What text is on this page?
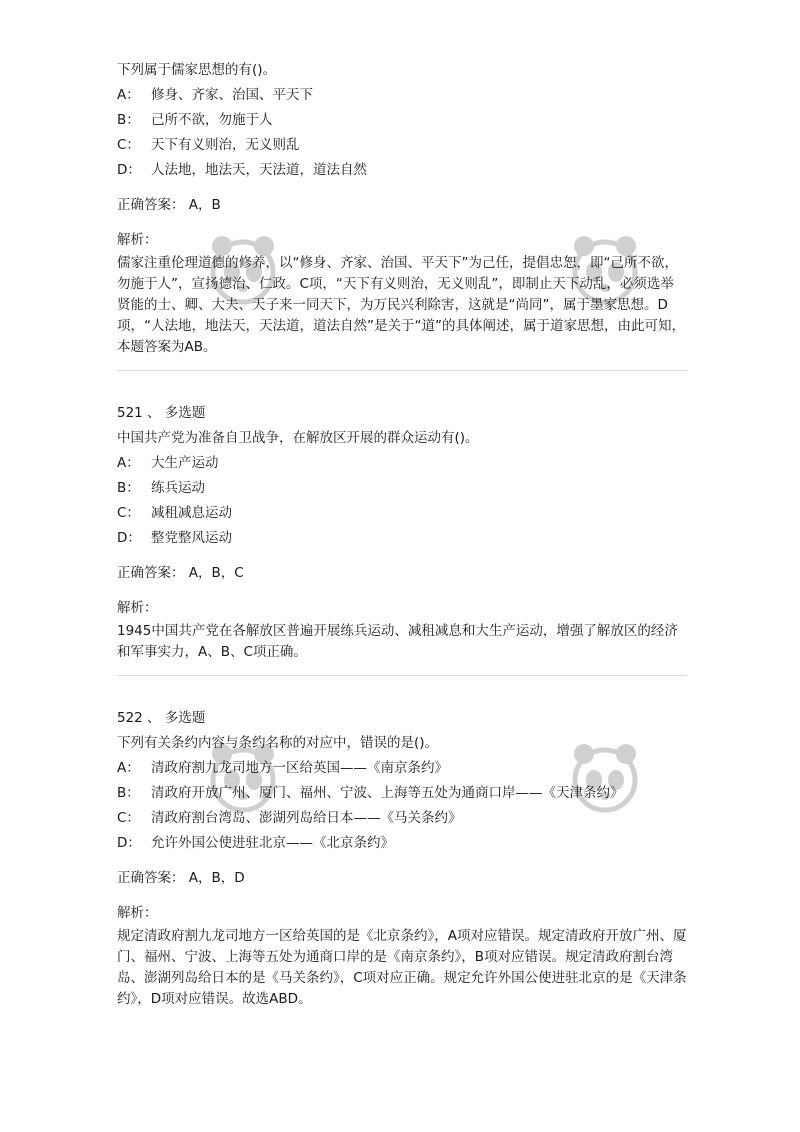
下列属于儒家思想的有()。
A： 修身、齐家、治国、平天下
B： 己所不欲，勿施于人
C： 天下有义则治，无义则乱
D： 人法地，地法天，天法道，道法自然
正确答案： A，B
解析：
儒家注重伦理道德的修养，以“修身、齐家、治国、平天下”为己任，提倡忠恕，即“己所不欲，勿施于人”，宣扬德治、仁政。C项，“天下有义则治，无义则乱”，即制止天下动乱，必须选举贤能的士、卿、大夫、天子来一同天下，为万民兴利除害，这就是“尚同”，属于墨家思想。D项，“人法地，地法天，天法道，道法自然”是关于“道”的具体阐述，属于道家思想，由此可知，本题答案为AB。
521 、 多选题
中国共产党为准备自卫战争，在解放区开展的群众运动有()。
A： 大生产运动
B： 练兵运动
C： 减租减息运动
D： 整党整风运动
正确答案： A，B，C
解析：
1945中国共产党在各解放区普遍开展练兵运动、减租减息和大生产运动，增强了解放区的经济和军事实力，A、B、C项正确。
522 、 多选题
下列有关条约内容与条约名称的对应中，错误的是()。
A： 清政府割九龙司地方一区给英国——《南京条约》
B： 清政府开放广州、厦门、福州、宁波、上海等五处为通商口岸——《天津条约》
C： 清政府割台湾岛、澎湖列岛给日本——《马关条约》
D： 允许外国公使进驻北京——《北京条约》
正确答案： A，B，D
解析：
规定清政府割九龙司地方一区给英国的是《北京条约》，A项对应错误。规定清政府开放广州、厦门、福州、宁波、上海等五处为通商口岸的是《南京条约》，B项对应错误。规定清政府割台湾岛、澎湖列岛给日本的是《马关条约》，C项对应正确。规定允许外国公使进驻北京的是《天津条约》，D项对应错误。故选ABD。
